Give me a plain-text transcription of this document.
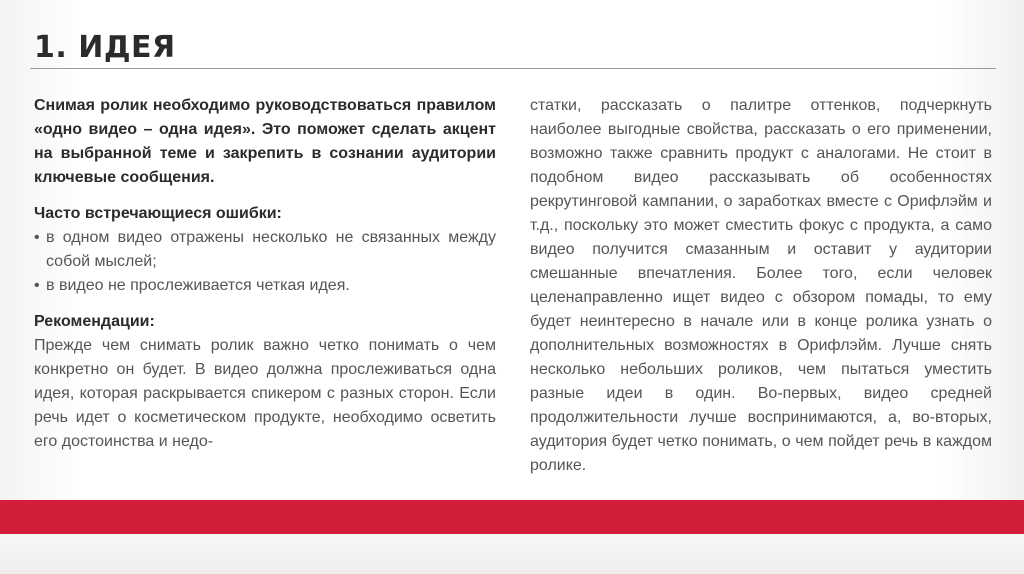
1. ИДЕЯ
Снимая ролик необходимо руководствоваться правилом «одно видео – одна идея». Это поможет сделать акцент на выбранной теме и закрепить в сознании аудитории ключевые сообщения.
Часто встречающиеся ошибки:
• в одном видео отражены несколько не связанных между собой мыслей;
• в видео не прослеживается четкая идея.
Рекомендации:
Прежде чем снимать ролик важно четко понимать о чем конкретно он будет. В видео должна прослеживаться одна идея, которая раскрывается спикером с разных сторон. Если речь идет о косметическом продукте, необходимо осветить его достоинства и недо-
статки, рассказать о палитре оттенков, подчеркнуть наиболее выгодные свойства, рассказать о его применении, возможно также сравнить продукт с аналогами. Не стоит в подобном видео рассказывать об особенностях рекрутинговой кампании, о заработках вместе с Орифлэйм и т.д., поскольку это может сместить фокус с продукта, а само видео получится смазанным и оставит у аудитории смешанные впечатления. Более того, если человек целенаправленно ищет видео с обзором помады, то ему будет неинтересно в начале или в конце ролика узнать о дополнительных возможностях в Орифлэйм. Лучше снять несколько небольших роликов, чем пытаться уместить разные идеи в один. Во-первых, видео средней продолжительности лучше воспринимаются, а, во-вторых, аудитория будет четко понимать, о чем пойдет речь в каждом ролике.
